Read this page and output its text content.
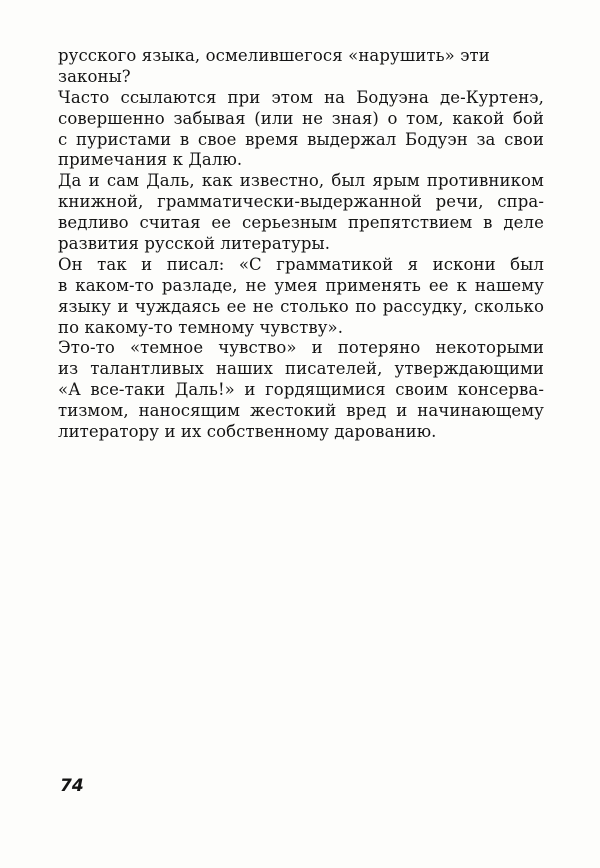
русского языка, осмелившегося «нарушить» эти
законы?
Часто ссылаются при этом на Бодуэна де-Куртенэ,
совершенно забывая (или не зная) о том, какой бой
с пуристами в свое время выдержал Бодуэн за свои
примечания к Далю.
Да и сам Даль, как известно, был ярым противником
книжной, грамматически-выдержанной речи, спра-
ведливо считая ее серьезным препятствием в деле
развития русской литературы.
Он так и писал: «С грамматикой я искони был
в каком-то разладе, не умея применять ее к нашему
языку и чуждаясь ее не столько по рассудку, сколько
по какому-то темному чувству».
Это-то «темное чувство» и потеряно некоторыми
из талантливых наших писателей, утверждающими
«А все-таки Даль!» и гордящимися своим консерва-
тизмом, наносящим жестокий вред и начинающему
литератору и их собственному дарованию.
74
